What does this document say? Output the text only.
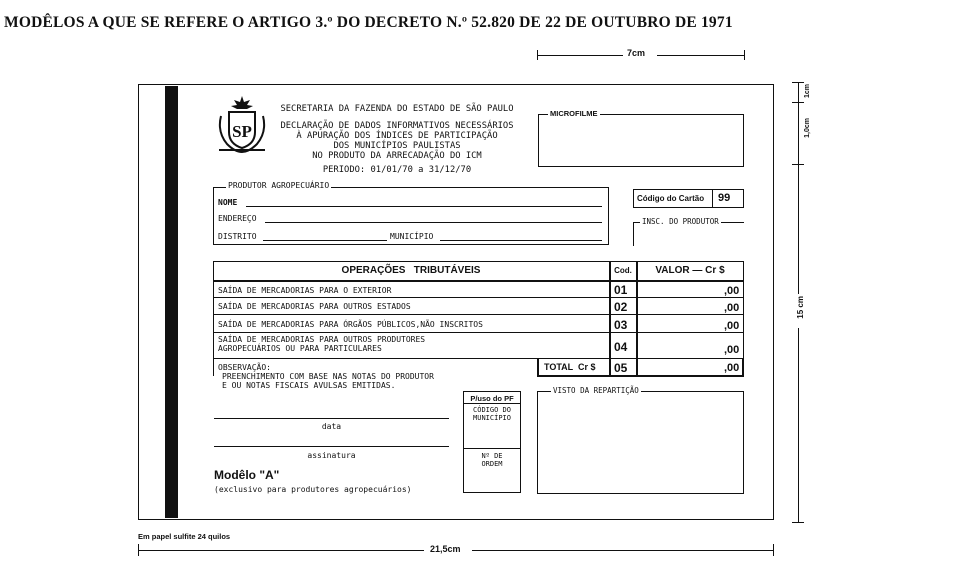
MODÊLOS A QUE SE REFERE O ARTIGO 3.º DO DECRETO N.º 52.820 DE 22 DE OUTUBRO DE 1971
7cm
1cm
1,0cm
15 cm
SP
SECRETARIA DA FAZENDA DO ESTADO DE SÃO PAULO
DECLARAÇÃO DE DADOS INFORMATIVOS NECESSÁRIOS
À APURAÇÃO DOS ÍNDICES DE PARTICIPAÇÃO
DOS MUNICÍPIOS PAULISTAS
NO PRODUTO DA ARRECADAÇÃO DO ICM
PERIODO: 01/01/70 a 31/12/70
MICROFILME
PRODUTOR AGROPECUÁRIO
NOME
ENDEREÇO
DISTRITO	MUNICÍPIO
Código do Cartão 99
INSC. DO PRODUTOR
OPERAÇÕES   TRIBUTÁVEIS	Cod.	VALOR — Cr $
SAÍDA DE MERCADORIAS PARA O EXTERIOR	01	,00
SAÍDA DE MERCADORIAS PARA OUTROS ESTADOS	02	,00
SAÍDA DE MERCADORIAS PARA ÓRGÃOS PÚBLICOS,NÃO INSCRITOS	03	,00
SAÍDA DE MERCADORIAS PARA OUTROS PRODUTORES
AGROPECUÁRIOS OU PARA PARTICULARES	04	,00
TOTAL  Cr $ 05	,00
OBSERVAÇÃO:
PREENCHIMENTO COM BASE NAS NOTAS DO PRODUTOR
E OU NOTAS FISCAIS AVULSAS EMITIDAS.
data
assinatura
P/uso do PF
CÓDIGO DO
MUNICÍPIO
Nº DE
ORDEM
VISTO DA REPARTIÇÃO
Modêlo "A"
(exclusivo para produtores agropecuários)
Em papel sulfite 24 quilos
21,5cm
